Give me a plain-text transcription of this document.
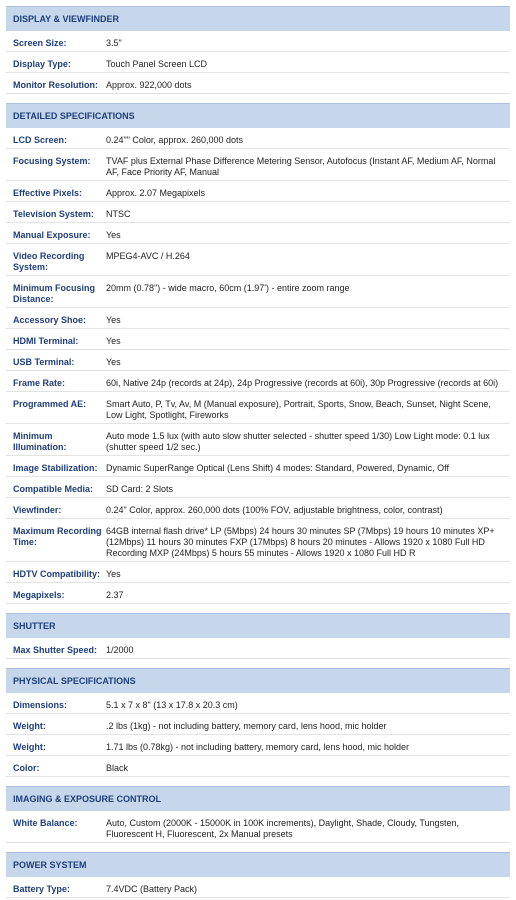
DISPLAY & VIEWFINDER
Screen Size:	3.5"
Display Type:	Touch Panel Screen LCD
Monitor Resolution: Approx. 922,000 dots
DETAILED SPECIFICATIONS
LCD Screen:	0.24"" Color, approx. 260,000 dots
Focusing System:	TVAF plus External Phase Difference Metering Sensor, Autofocus (Instant AF, Medium AF, Normal AF, Face Priority AF, Manual
Effective Pixels:	Approx. 2.07 Megapixels
Television System:	NTSC
Manual Exposure:	Yes
Video Recording System:
MPEG4-AVC / H.264
Minimum Focusing Distance:
20mm (0.78") - wide macro, 60cm (1.97') - entire zoom range
Accessory Shoe:	Yes
HDMI Terminal:	Yes
USB Terminal:	Yes
Frame Rate:	60i, Native 24p (records at 24p), 24p Progressive (records at 60i), 30p Progressive (records at 60i)
Programmed AE:	Smart Auto, P, Tv, Av, M (Manual exposure), Portrait, Sports, Snow, Beach, Sunset, Night Scene, Low Light, Spotlight, Fireworks
Minimum Illumination:
Auto mode 1.5 lux (with auto slow shutter selected - shutter speed 1/30) Low Light mode: 0.1 lux (shutter speed 1/2 sec.)
Image Stabilization: Dynamic SuperRange Optical (Lens Shift) 4 modes: Standard, Powered, Dynamic, Off
Compatible Media:	SD Card: 2 Slots
Viewfinder:	0.24" Color, approx. 260,000 dots (100% FOV, adjustable brightness, color, contrast)
Maximum Recording Time:
64GB internal flash drive* LP (5Mbps) 24 hours 30 minutes SP (7Mbps) 19 hours 10 minutes XP+ (12Mbps) 11 hours 30 minutes FXP (17Mbps) 8 hours 20 minutes - Allows 1920 x 1080 Full HD Recording MXP (24Mbps) 5 hours 55 minutes - Allows 1920 x 1080 Full HD R
HDTV Compatibility: Yes
Megapixels:	2.37
SHUTTER
Max Shutter Speed: 1/2000
PHYSICAL SPECIFICATIONS
Dimensions:	5.1 x 7 x 8" (13 x 17.8 x 20.3 cm)
Weight:	.2 lbs (1kg) - not including battery, memory card, lens hood, mic holder
Weight:	1.71 lbs (0.78kg) - not including battery, memory card, lens hood, mic holder
Color:	Black
IMAGING & EXPOSURE CONTROL
White Balance:	Auto, Custom (2000K - 15000K in 100K increments), Daylight, Shade, Cloudy, Tungsten, Fluorescent H, Fluorescent, 2x Manual presets
POWER SYSTEM
Battery Type:	7.4VDC (Battery Pack)
